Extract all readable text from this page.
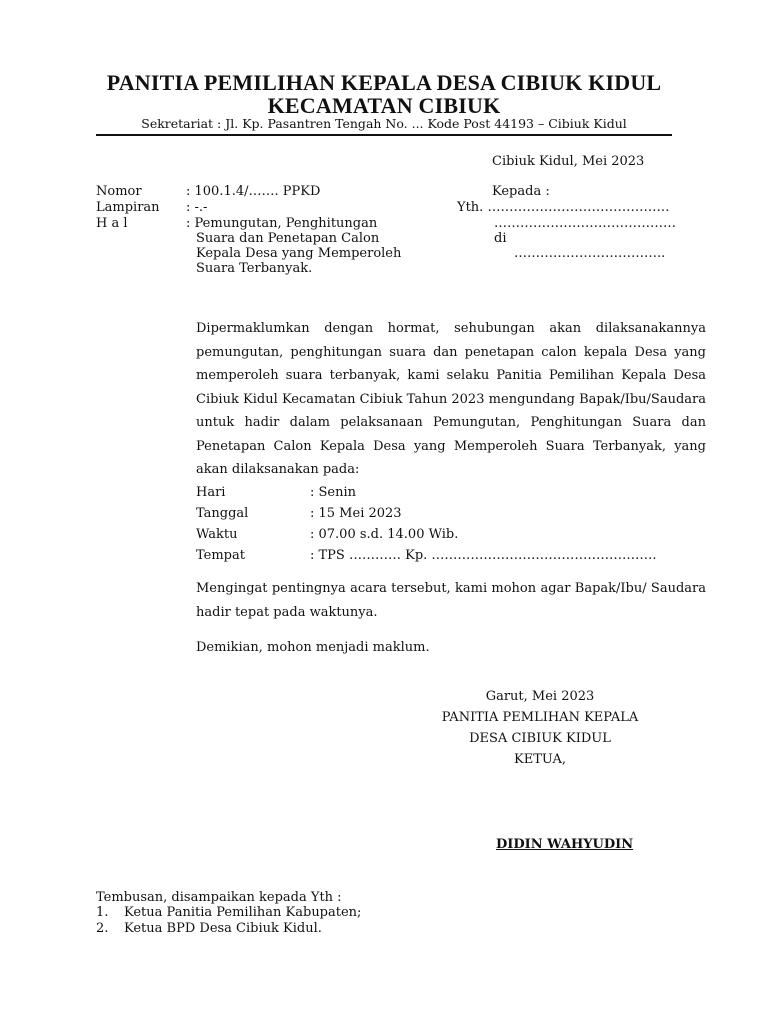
PANITIA PEMILIHAN KEPALA DESA CIBIUK KIDUL
KECAMATAN CIBIUK
Sekretariat : Jl. Kp. Pasantren Tengah No. ... Kode Post 44193 – Cibiuk Kidul
Cibiuk Kidul, Mei 2023
Nomor	: 100.1.4/……. PPKD
Lampiran : -.-
H a l	: Pemungutan, Penghitungan
Suara dan Penetapan Calon
Kepala Desa yang Memperoleh
Suara Terbanyak.
Kepada :
Yth. ……………………………………
……………………………………
di
……………………………..
Dipermaklumkan dengan hormat, sehubungan akan dilaksanakannya pemungutan, penghitungan suara dan penetapan calon kepala Desa yang memperoleh suara terbanyak, kami selaku Panitia Pemilihan Kepala Desa Cibiuk Kidul Kecamatan Cibiuk Tahun 2023 mengundang Bapak/Ibu/Saudara untuk hadir dalam pelaksanaan Pemungutan, Penghitungan Suara dan Penetapan Calon Kepala Desa yang Memperoleh Suara Terbanyak, yang akan dilaksanakan pada:
Hari	: Senin
Tanggal	: 15 Mei 2023
Waktu	: 07.00 s.d. 14.00 Wib.
Tempat	: TPS ………… Kp. …………………………………………….
Mengingat pentingnya acara tersebut, kami mohon agar Bapak/Ibu/ Saudara hadir tepat pada waktunya.
Demikian, mohon menjadi maklum.
Garut, Mei 2023
PANITIA PEMLIHAN KEPALA
DESA CIBIUK KIDUL
KETUA,
DIDIN WAHYUDIN
Tembusan, disampaikan kepada Yth :
1. Ketua Panitia Pemilihan Kabupaten;
2. Ketua BPD Desa Cibiuk Kidul.
